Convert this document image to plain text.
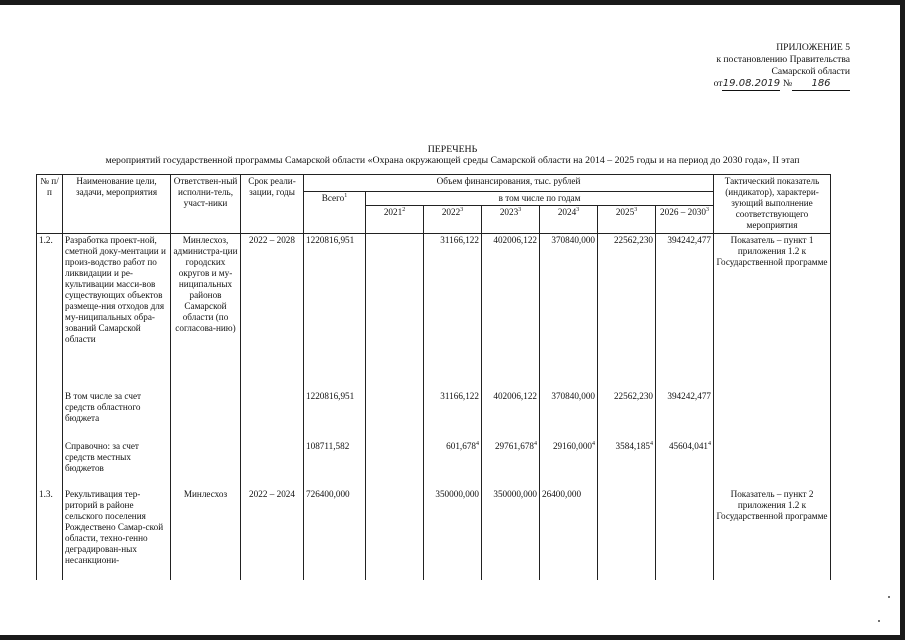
ПРИЛОЖЕНИЕ 5
к постановлению Правительства
Самарской области
от19.08.2019 № 186
ПЕРЕЧЕНЬ
мероприятий государственной программы Самарской области «Охрана окружающей среды Самарской области на 2014 – 2025 годы и на период до 2030 года», II этап
№ п/п	Наименование цели, задачи, мероприятия	Ответствен-ный исполни-тель, участ-ники	Срок реали-зации, годы	Объем финансирования, тыс. рублей							Тактический показатель (индикатор), характери-зующий выполнение соответствующего мероприятия
				Всего$^1$	в том числе по годам						
					2021$^2$	2022$^3$	2023$^3$	2024$^3$	2025$^3$	2026 – 2030$^3$
1.2.	Разработка проект-ной, сметной доку-ментации и произ-водство работ по ликвидации и ре-культивации масси-вов существующих объектов размеще-ния отходов для му-ниципальных обра-зований Самарской области	Минлесхоз, администра-ции городских округов и му-ниципальных районов Самарской области (по согласова-нию)	2022 – 2028	1220816,951		31166,122	402006,122	370840,000	22562,230	394242,477	Показатель – пункт 1 приложения 1.2 к Государственной программе
	В том числе за счет средств областного бюджета			1220816,951		31166,122	402006,122	370840,000	22562,230	394242,477	
	Справочно: за счет средств местных бюджетов			108711,582		601,678$^4$	29761,678$^4$	29160,000$^4$	3584,185$^4$	45604,041$^4$	
1.3.	Рекультивация тер-риторий в районе сельского поселения Рождествено Самар-ской области, техно-генно деградирован-ных несанкциони-	Минлесхоз	2022 – 2024	726400,000		350000,000	350000,000	26400,000			Показатель – пункт 2 приложения 1.2 к Государственной программе
